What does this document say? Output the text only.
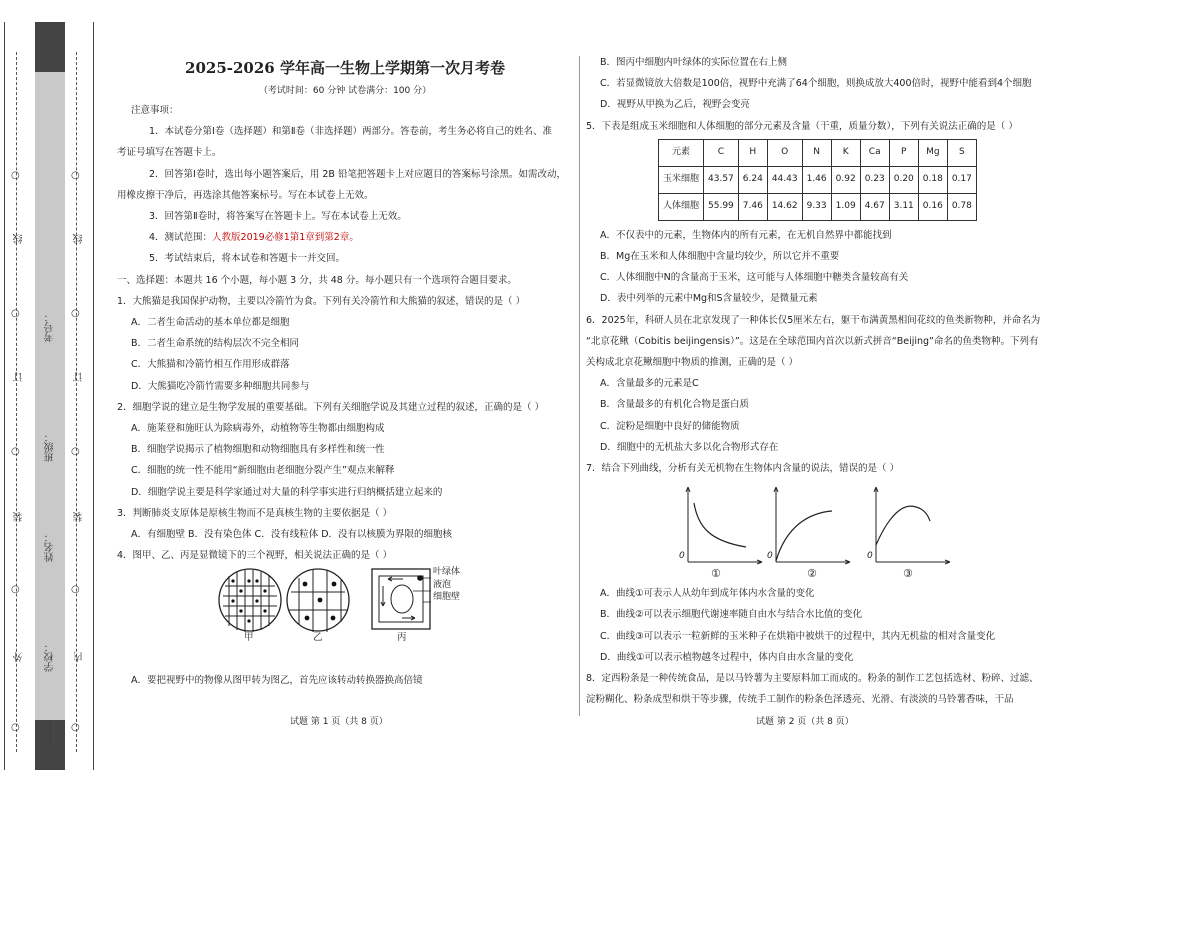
○
线
○
订
○
装
○
外
○
考号：
班级：
姓名：
学校：
……
○
线
○
订
○
装
○
内
○

2025-2026 学年高一生物上学期第一次月考卷

（考试时间：60 分钟 试卷满分：100 分）

注意事项：

1．本试卷分第Ⅰ卷（选择题）和第Ⅱ卷（非选择题）两部分。答卷前，考生务必将自己的姓名、准

考证号填写在答题卡上。

2．回答第Ⅰ卷时，选出每小题答案后，用 2B 铅笔把答题卡上对应题目的答案标号涂黑。如需改动，

用橡皮擦干净后，再选涂其他答案标号。写在本试卷上无效。

3．回答第Ⅱ卷时，将答案写在答题卡上。写在本试卷上无效。

4．测试范围：人教版2019必修1第1章到第2章。

5．考试结束后，将本试卷和答题卡一并交回。

一、选择题：本题共 16 个小题，每小题 3 分，共 48 分。每小题只有一个选项符合题目要求。

1．大熊猫是我国保护动物，主要以冷箭竹为食。下列有关冷箭竹和大熊猫的叙述，错误的是（ ）

A．二者生命活动的基本单位都是细胞

B．二者生命系统的结构层次不完全相同

C．大熊猫和冷箭竹相互作用形成群落

D．大熊猫吃冷箭竹需要多种细胞共同参与

2．细胞学说的建立是生物学发展的重要基础。下列有关细胞学说及其建立过程的叙述，正确的是（ ）

A．施莱登和施旺认为除病毒外，动植物等生物都由细胞构成

B．细胞学说揭示了植物细胞和动物细胞具有多样性和统一性

C．细胞的统一性不能用“新细胞由老细胞分裂产生”观点来解释

D．细胞学说主要是科学家通过对大量的科学事实进行归纳概括建立起来的

3．判断肺炎支原体是原核生物而不是真核生物的主要依据是（ ）

A．有细胞壁 B．没有染色体 C．没有线粒体 D．没有以核膜为界限的细胞核

4．图甲、乙、丙是显微镜下的三个视野，相关说法正确的是（ ）

甲	乙	丙
叶绿体
液泡
细胞壁

A．要把视野中的物像从图甲转为图乙，首先应该转动转换器换高倍镜

试题 第 1 页（共 8 页）

B．图丙中细胞内叶绿体的实际位置在右上侧

C．若显微镜放大倍数是100倍，视野中充满了64个细胞，则换成放大400倍时，视野中能看到4个细胞

D．视野从甲换为乙后，视野会变亮

5．下表是组成玉米细胞和人体细胞的部分元素及含量（干重，质量分数），下列有关说法正确的是（ ）

元素	C	H	O	N	K	Ca	P	Mg	S
玉米细胞	43.57	6.24	44.43	1.46	0.92	0.23	0.20	0.18	0.17
人体细胞	55.99	7.46	14.62	9.33	1.09	4.67	3.11	0.16	0.78

A．不仅表中的元素，生物体内的所有元素，在无机自然界中都能找到

B．Mg在玉米和人体细胞中含量均较少，所以它并不重要

C．人体细胞中N的含量高于玉米，这可能与人体细胞中糖类含量较高有关

D．表中列举的元素中Mg和S含量较少，是微量元素

6．2025年，科研人员在北京发现了一种体长仅5厘米左右，躯干布满黄黑相间花纹的鱼类新物种，并命名为

“北京花鳅（Cobitis beijingensis）”。这是在全球范围内首次以新式拼音“Beijing”命名的鱼类物种。下列有

关构成北京花鳅细胞中物质的推测，正确的是（ ）

A．含量最多的元素是C

B．含量最多的有机化合物是蛋白质

C．淀粉是细胞中良好的储能物质

D．细胞中的无机盐大多以化合物形式存在

7．结合下列曲线，分析有关无机物在生物体内含量的说法，错误的是（ ）

0	0	0
①	②	③

A．曲线①可表示人从幼年到成年体内水含量的变化

B．曲线②可以表示细胞代谢速率随自由水与结合水比值的变化

C．曲线③可以表示一粒新鲜的玉米种子在烘箱中被烘干的过程中，其内无机盐的相对含量变化

D．曲线①可以表示植物越冬过程中，体内自由水含量的变化

8．定西粉条是一种传统食品，是以马铃薯为主要原料加工而成的。粉条的制作工艺包括选材、粉碎、过滤、

淀粉糊化、粉条成型和烘干等步骤，传统手工制作的粉条色泽透亮、光滑、有淡淡的马铃薯香味，干品

试题 第 2 页（共 8 页）
